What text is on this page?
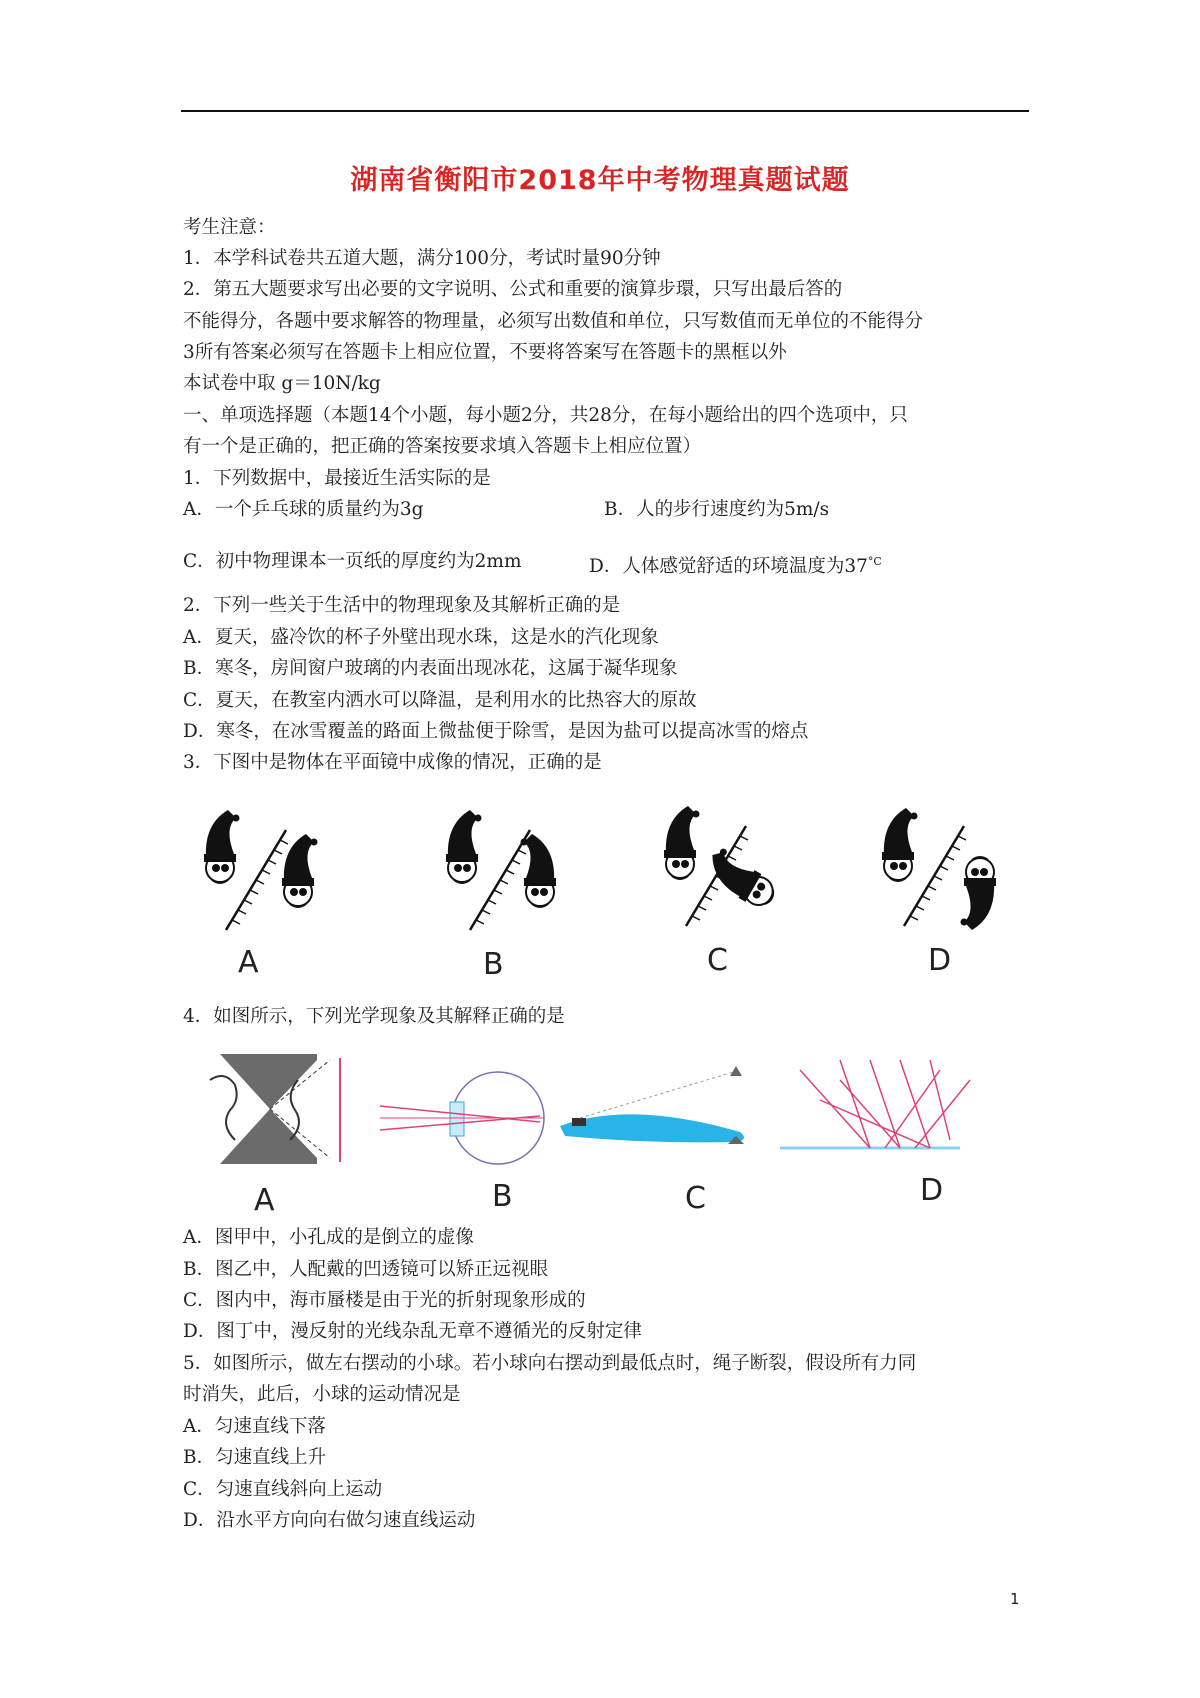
湖南省衡阳市2018年中考物理真题试题
考生注意：
1．本学科试卷共五道大题，满分100分，考试时量90分钟
2．第五大题要求写出必要的文字说明、公式和重要的演算步環，只写出最后答的
不能得分，各题中要求解答的物理量，必须写出数值和单位，只写数值而无单位的不能得分
3所有答案必须写在答题卡上相应位置，不要将答案写在答题卡的黑框以外
本试卷中取 g＝10N/kg
一、单项选择题（本题14个小题，每小题2分，共28分，在每小题给出的四个选项中，只
有一个是正确的，把正确的答案按要求填入答题卡上相应位置）
1．下列数据中，最接近生活实际的是
A．一个乒乓球的质量约为3g	B．人的步行速度约为5m/s
C．初中物理课本一页纸的厚度约为2mm	D．人体感觉舒适的环境温度为$37^{^\circ C}$
2．下列一些关于生活中的物理现象及其解析正确的是
A．夏天，盛冷饮的杯子外壁出现水珠，这是水的汽化现象
B．寒冬，房间窗户玻璃的内表面出现冰花，这属于凝华现象
C．夏天，在教室内洒水可以降温，是利用水的比热容大的原故
D．寒冬，在冰雪覆盖的路面上微盐便于除雪，是因为盐可以提高冰雪的熔点
3．下图中是物体在平面镜中成像的情况，正确的是
A	B	C	D
4．如图所示，下列光学现象及其解释正确的是
A	B	C	D
A．图甲中，小孔成的是倒立的虚像
B．图乙中，人配戴的凹透镜可以矫正远视眼
C．图内中，海市蜃楼是由于光的折射现象形成的
D．图丁中，漫反射的光线杂乱无章不遵循光的反射定律
5．如图所示，做左右摆动的小球。若小球向右摆动到最低点时，绳子断裂，假设所有力同
时消失，此后，小球的运动情况是
A．匀速直线下落
B．匀速直线上升
C．匀速直线斜向上运动
D．沿水平方向向右做匀速直线运动
1
